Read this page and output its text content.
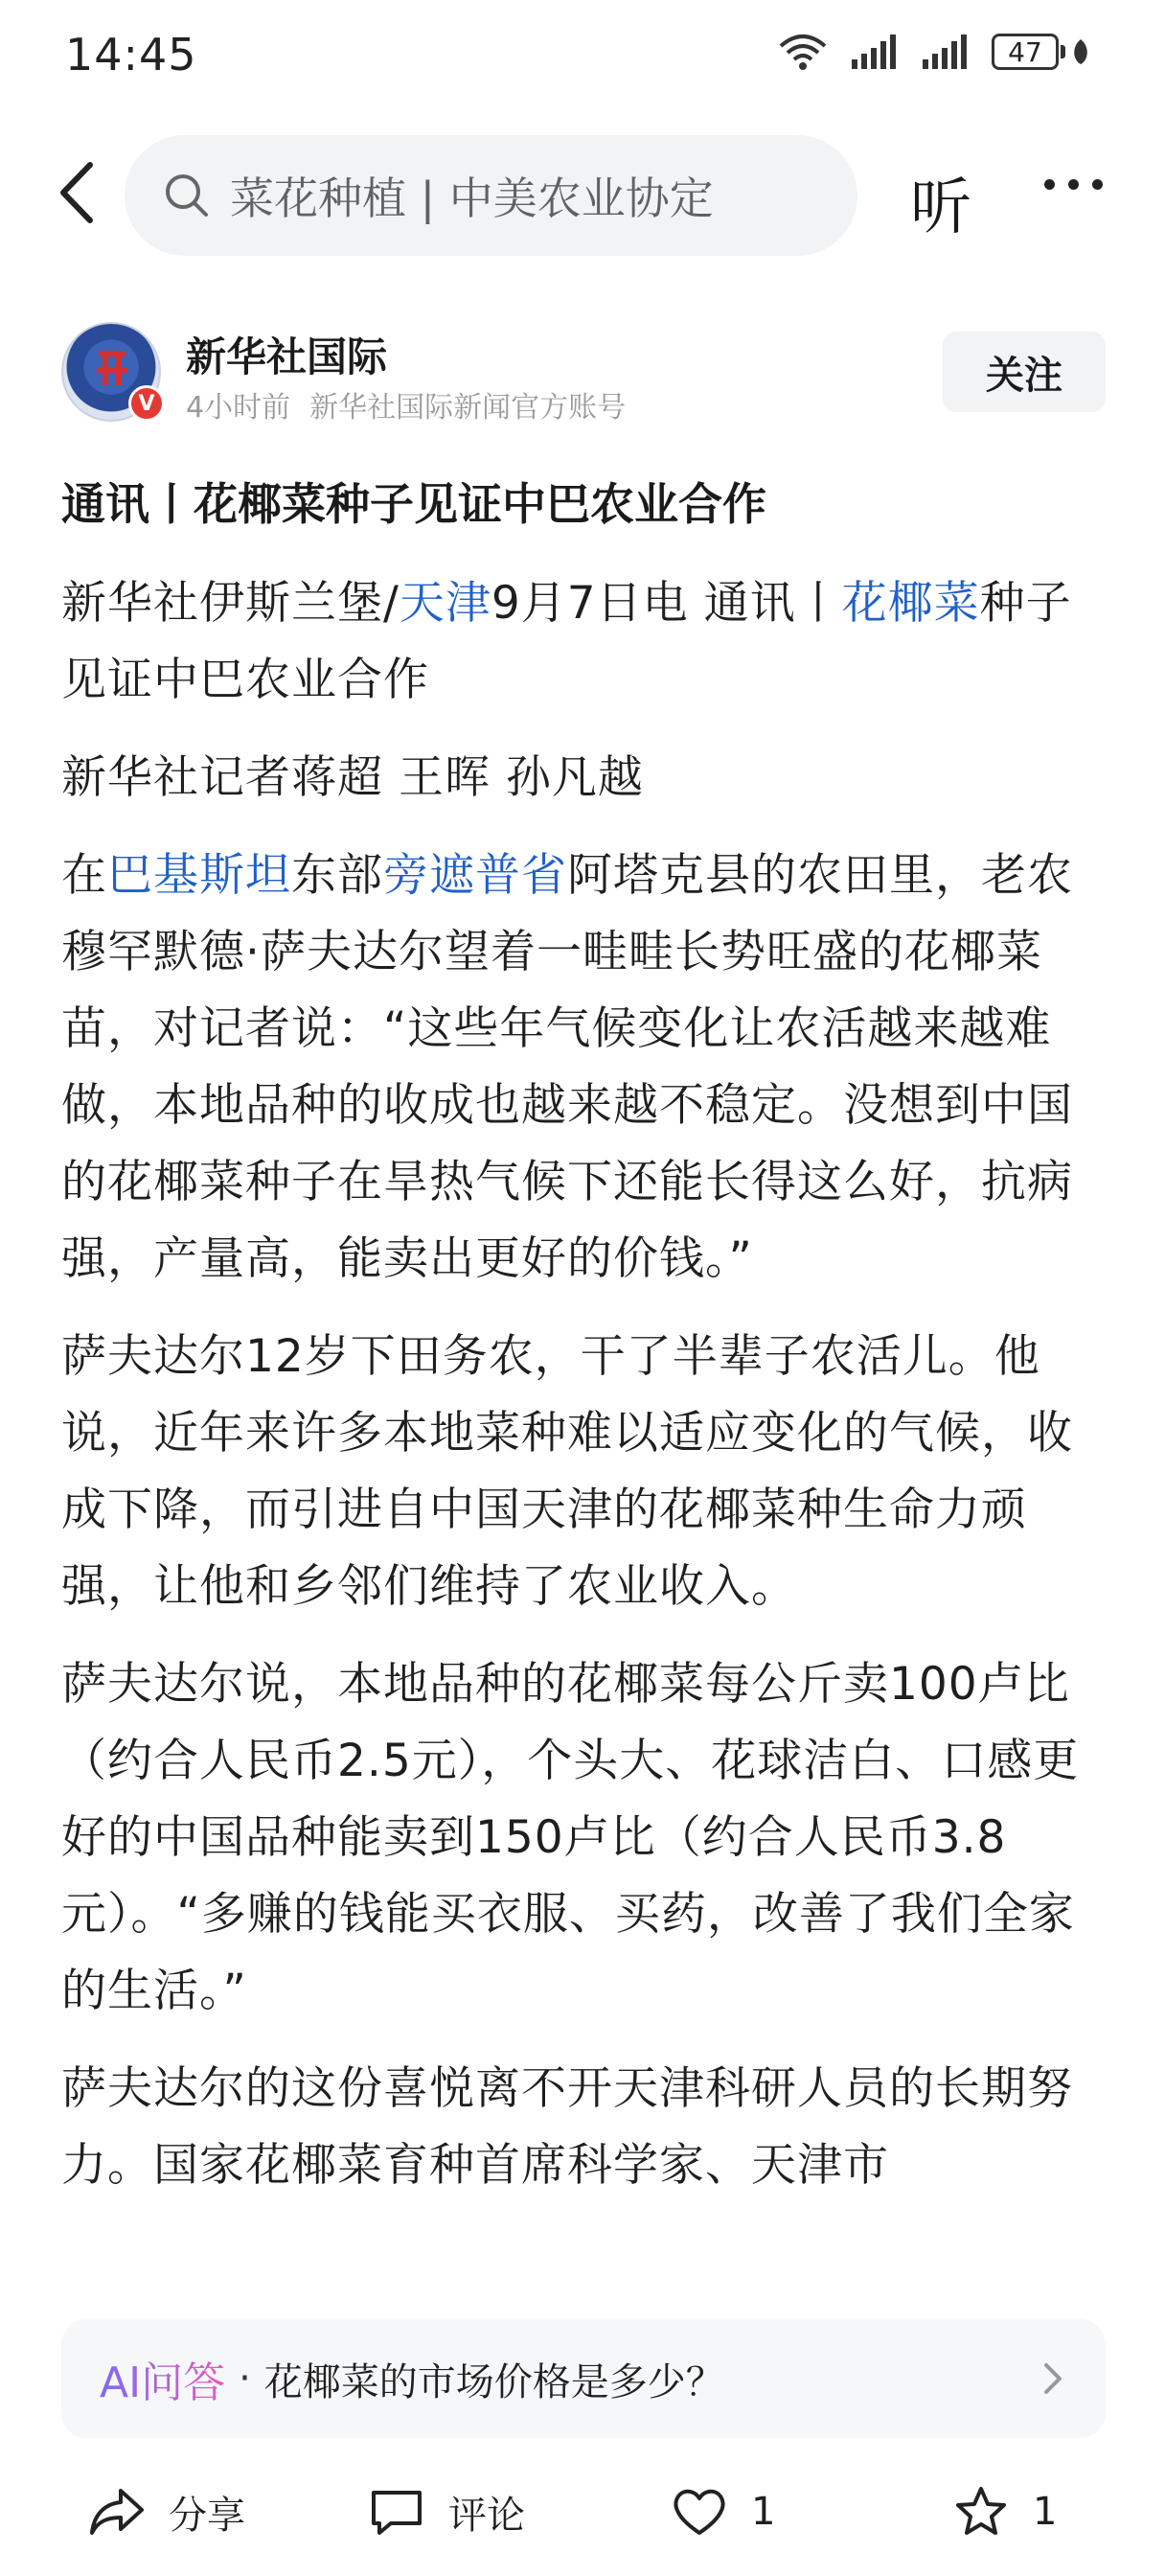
14:45	47
菜花种植 | 中美农业协定	听
V
新华社国际
4小时前 新华社国际新闻官方账号
关注
通讯丨花椰菜种子见证中巴农业合作

新华社伊斯兰堡/天津9月7日电 通讯丨花椰菜种子见证中巴农业合作

新华社记者蒋超 王晖 孙凡越

在巴基斯坦东部旁遮普省阿塔克县的农田里，老农穆罕默德·萨夫达尔望着一畦畦长势旺盛的花椰菜苗，对记者说：“这些年气候变化让农活越来越难做，本地品种的收成也越来越不稳定。没想到中国的花椰菜种子在旱热气候下还能长得这么好，抗病强，产量高，能卖出更好的价钱。”

萨夫达尔12岁下田务农，干了半辈子农活儿。他说，近年来许多本地菜种难以适应变化的气候，收成下降，而引进自中国天津的花椰菜种生命力顽强，让他和乡邻们维持了农业收入。

萨夫达尔说，本地品种的花椰菜每公斤卖100卢比（约合人民币2.5元），个头大、花球洁白、口感更好的中国品种能卖到150卢比（约合人民币3.8元）。“多赚的钱能买衣服、买药，改善了我们全家的生活。”

萨夫达尔的这份喜悦离不开天津科研人员的长期努力。国家花椰菜育种首席科学家、天津市

AI问答 · 花椰菜的市场价格是多少？
分享	评论	1	1
